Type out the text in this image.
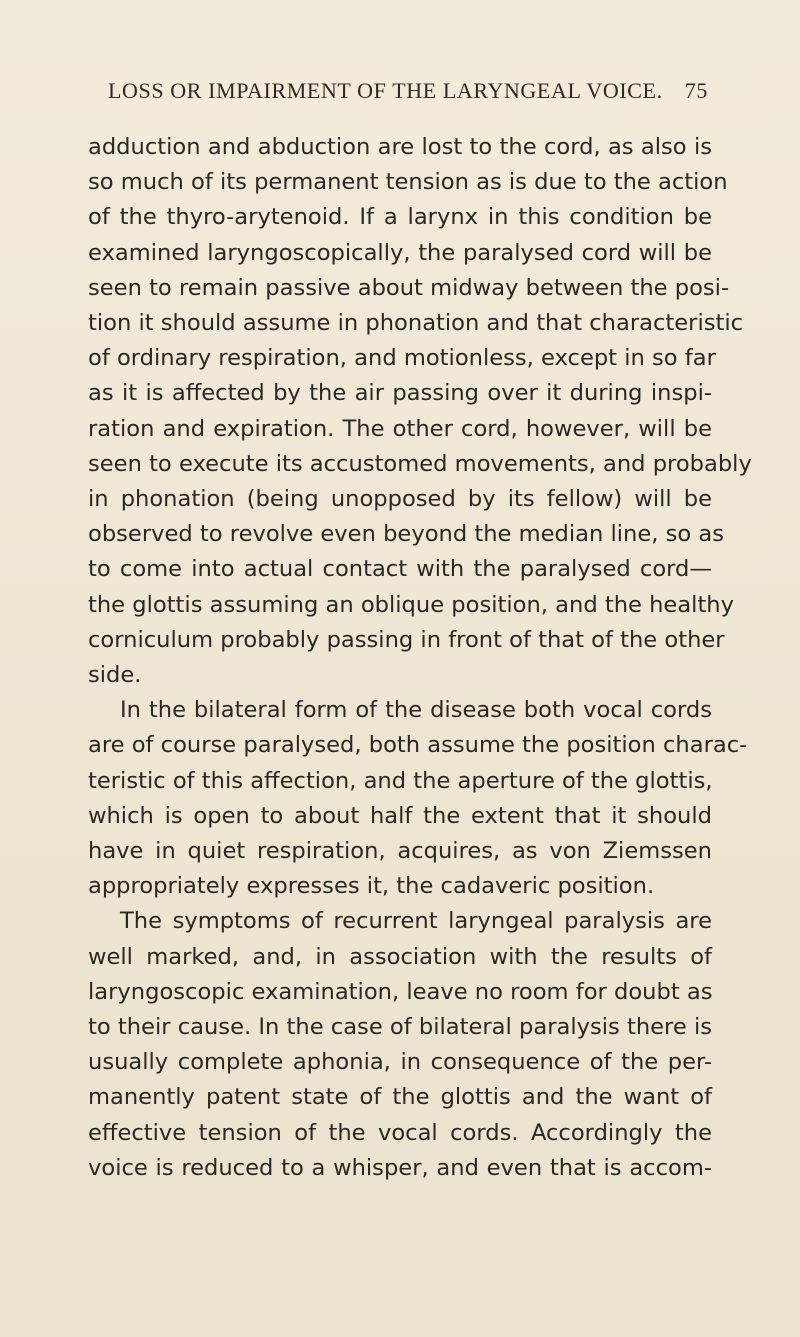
LOSS OR IMPAIRMENT OF THE LARYNGEAL VOICE. 75
adduction and abduction are lost to the cord, as also is
so much of its permanent tension as is due to the action
of the thyro-arytenoid. If a larynx in this condition be
examined laryngoscopically, the paralysed cord will be
seen to remain passive about midway between the posi-
tion it should assume in phonation and that characteristic
of ordinary respiration, and motionless, except in so far
as it is affected by the air passing over it during inspi-
ration and expiration. The other cord, however, will be
seen to execute its accustomed movements, and probably
in phonation (being unopposed by its fellow) will be
observed to revolve even beyond the median line, so as
to come into actual contact with the paralysed cord—
the glottis assuming an oblique position, and the healthy
corniculum probably passing in front of that of the other
side.
In the bilateral form of the disease both vocal cords
are of course paralysed, both assume the position charac-
teristic of this affection, and the aperture of the glottis,
which is open to about half the extent that it should
have in quiet respiration, acquires, as von Ziemssen
appropriately expresses it, the cadaveric position.
The symptoms of recurrent laryngeal paralysis are
well marked, and, in association with the results of
laryngoscopic examination, leave no room for doubt as
to their cause. In the case of bilateral paralysis there is
usually complete aphonia, in consequence of the per-
manently patent state of the glottis and the want of
effective tension of the vocal cords. Accordingly the
voice is reduced to a whisper, and even that is accom-
